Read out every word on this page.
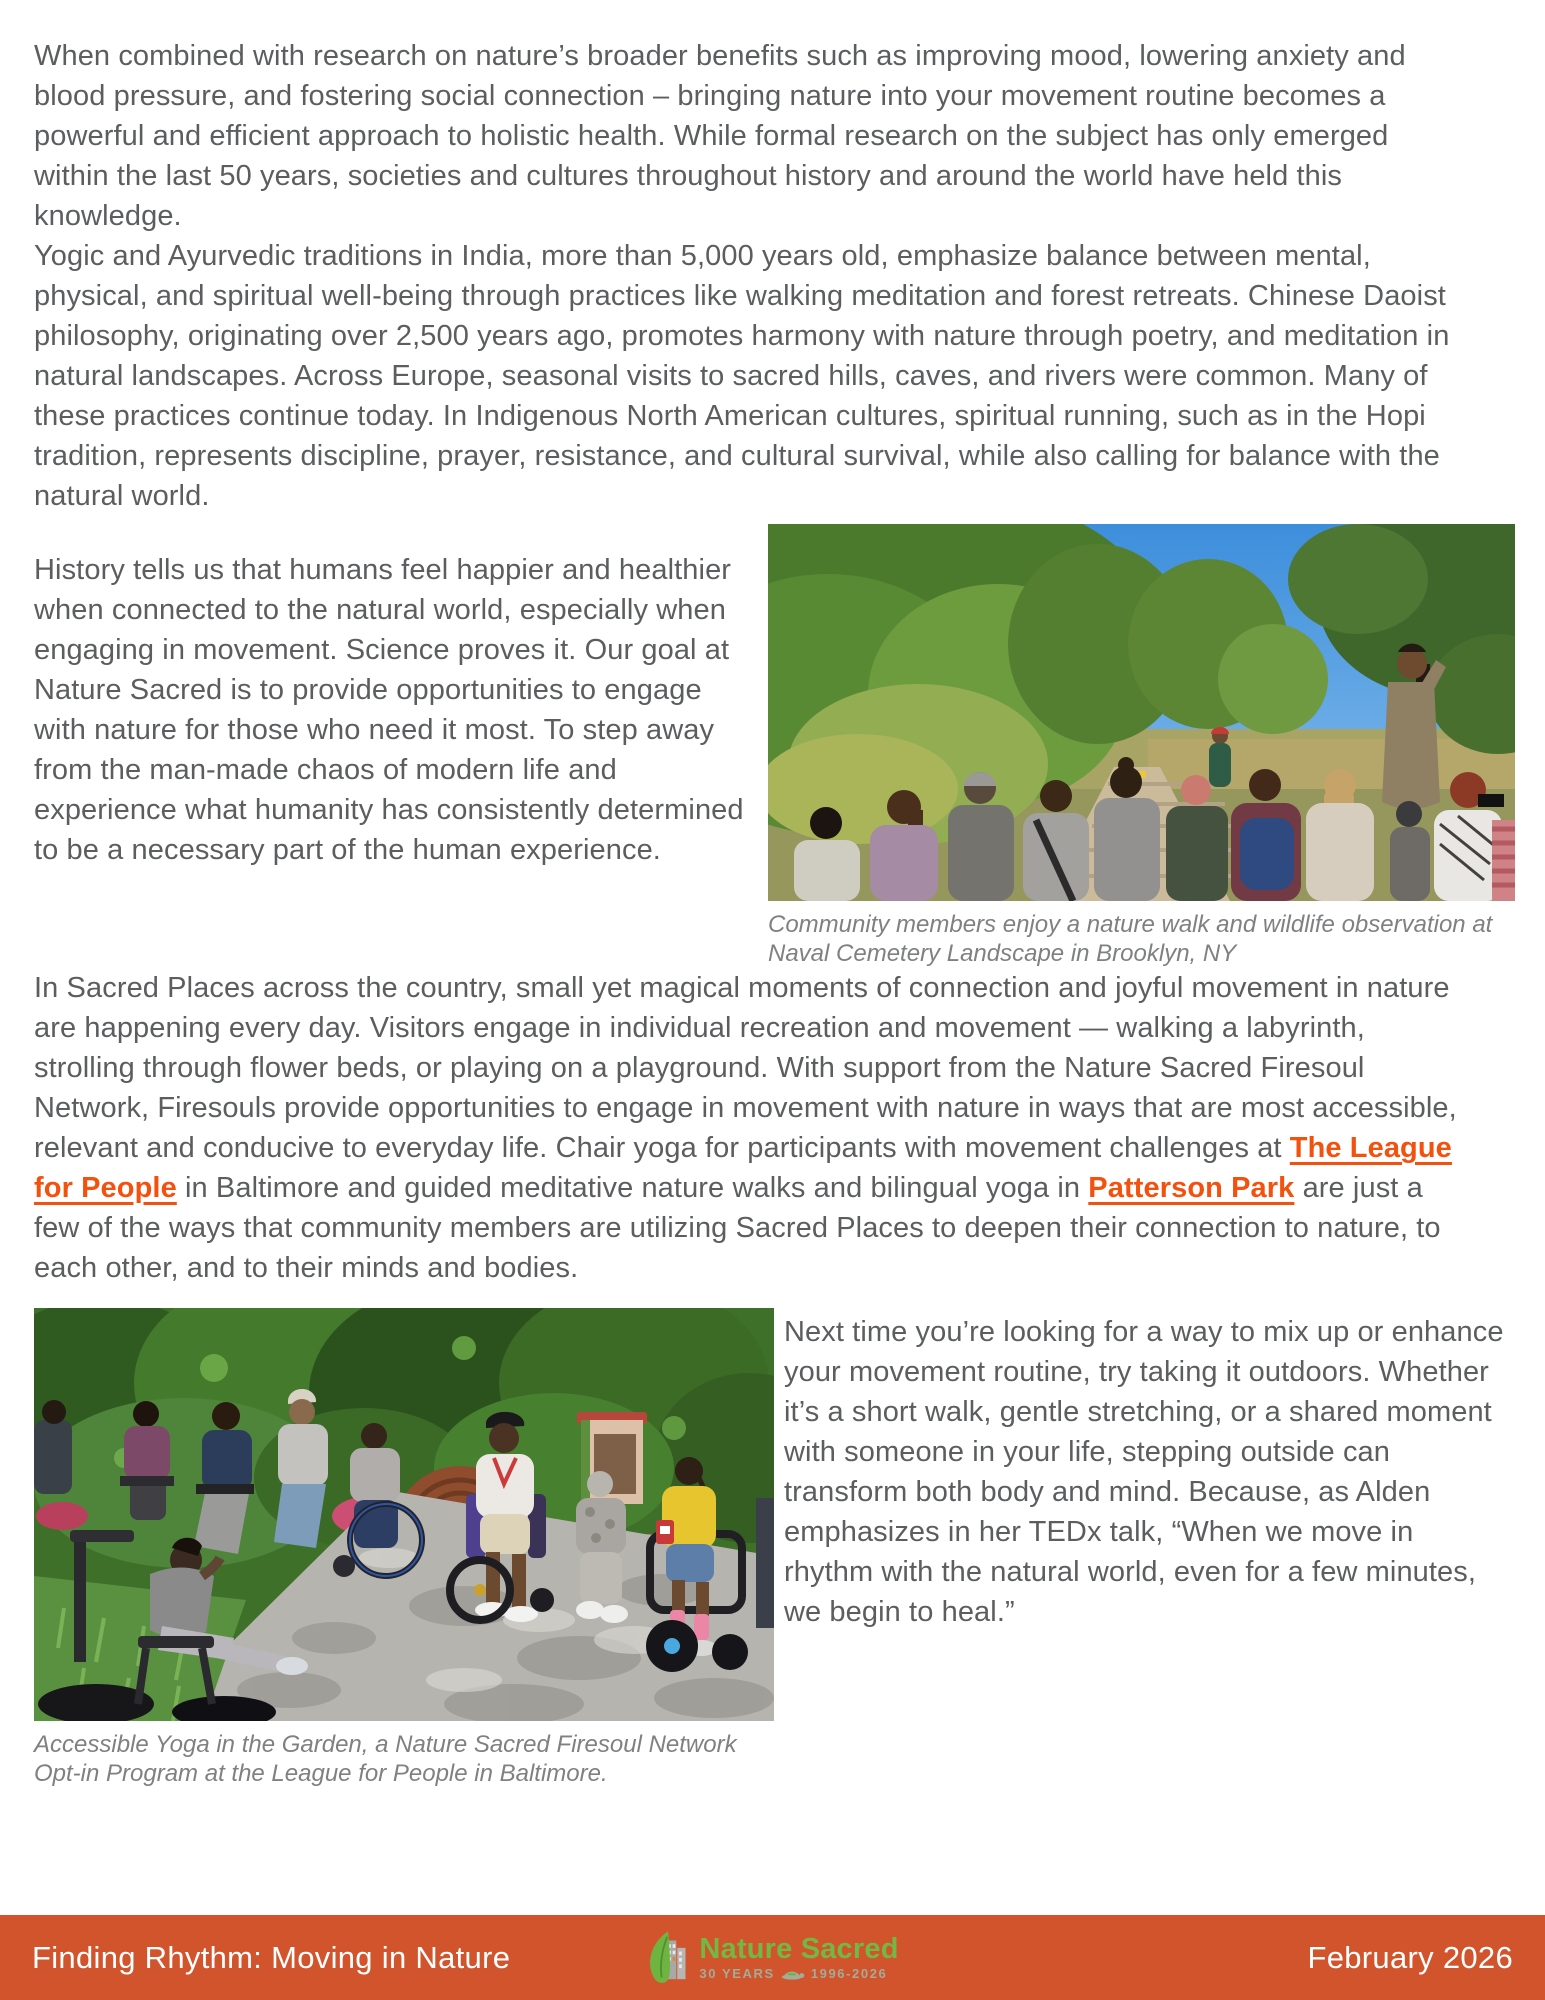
When combined with research on nature’s broader benefits such as improving mood, lowering anxiety and blood pressure, and fostering social connection – bringing nature into your movement routine becomes a powerful and efficient approach to holistic health. While formal research on the subject has only emerged within the last 50 years, societies and cultures throughout history and around the world have held this knowledge.

Yogic and Ayurvedic traditions in India, more than 5,000 years old, emphasize balance between mental, physical, and spiritual well-being through practices like walking meditation and forest retreats. Chinese Daoist philosophy, originating over 2,500 years ago, promotes harmony with nature through poetry, and meditation in natural landscapes. Across Europe, seasonal visits to sacred hills, caves, and rivers were common. Many of these practices continue today. In Indigenous North American cultures, spiritual running, such as in the Hopi tradition, represents discipline, prayer, resistance, and cultural survival, while also calling for balance with the natural world.

History tells us that humans feel happier and healthier when connected to the natural world, especially when engaging in movement. Science proves it. Our goal at Nature Sacred is to provide opportunities to engage with nature for those who need it most. To step away from the man-made chaos of modern life and experience what humanity has consistently determined to be a necessary part of the human experience.

Community members enjoy a nature walk and wildlife observation at Naval Cemetery Landscape in Brooklyn, NY

In Sacred Places across the country, small yet magical moments of connection and joyful movement in nature are happening every day. Visitors engage in individual recreation and movement — walking a labyrinth, strolling through flower beds, or playing on a playground. With support from the Nature Sacred Firesoul Network, Firesouls provide opportunities to engage in movement with nature in ways that are most accessible, relevant and conducive to everyday life. Chair yoga for participants with movement challenges at The League for People in Baltimore and guided meditative nature walks and bilingual yoga in Patterson Park are just a few of the ways that community members are utilizing Sacred Places to deepen their connection to nature, to each other, and to their minds and bodies.

Accessible Yoga in the Garden, a Nature Sacred Firesoul Network Opt-in Program at the League for People in Baltimore.

Next time you’re looking for a way to mix up or enhance your movement routine, try taking it outdoors. Whether it’s a short walk, gentle stretching, or a shared moment with someone in your life, stepping outside can transform both body and mind. Because, as Alden emphasizes in her TEDx talk, “When we move in rhythm with the natural world, even for a few minutes, we begin to heal.”

Finding Rhythm: Moving in Nature	Nature Sacred
30 YEARS	1996-2026	February 2026
